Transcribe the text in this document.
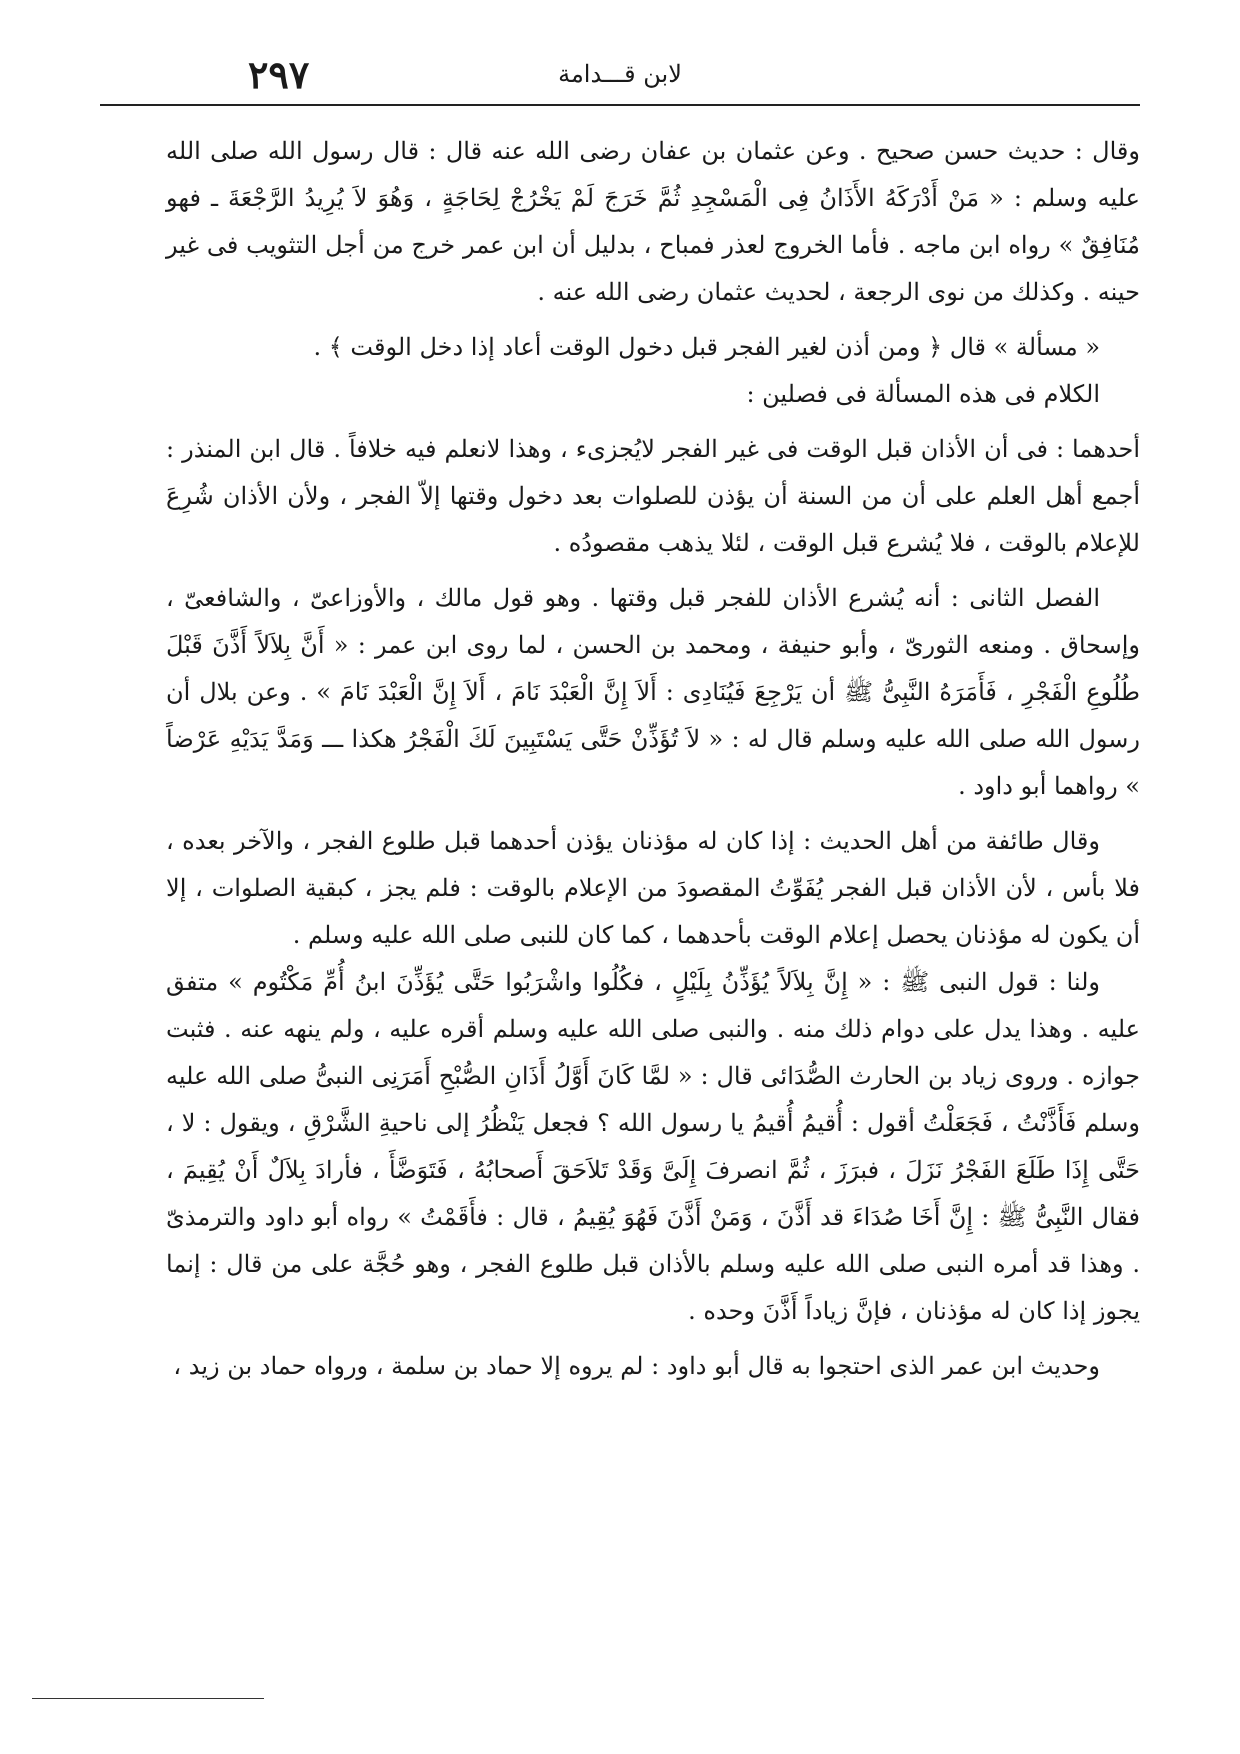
٢٩٧	لابن قـــدامة

وقال : حديث حسن صحيح . وعن عثمان بن عفان رضى الله عنه قال : قال رسول الله صلى الله عليه وسلم : « مَنْ أَدْرَكَهُ الأَذَانُ فِى الْمَسْجِدِ ثُمَّ خَرَجَ لَمْ يَخْرُجْ لِحَاجَةٍ ، وَهُوَ لاَ يُرِيدُ الرَّجْعَةَ ـ فهو مُنَافِقٌ » رواه ابن ماجه . فأما الخروج لعذر فمباح ، بدليل أن ابن عمر خرج من أجل التثويب فى غير حينه . وكذلك من نوى الرجعة ، لحديث عثمان رضى الله عنه .

« مسألة » قال ﴿ ومن أذن لغير الفجر قبل دخول الوقت أعاد إذا دخل الوقت ﴾ .

الكلام فى هذه المسألة فى فصلين :

أحدهما : فى أن الأذان قبل الوقت فى غير الفجر لايُجزىء ، وهذا لانعلم فيه خلافاً . قال ابن المنذر : أجمع أهل العلم على أن من السنة أن يؤذن للصلوات بعد دخول وقتها إلاّ الفجر ، ولأن الأذان شُرِعَ للإعلام بالوقت ، فلا يُشرع قبل الوقت ، لئلا يذهب مقصودُه .

الفصل الثانى : أنه يُشرع الأذان للفجر قبل وقتها . وهو قول مالك ، والأوزاعىّ ، والشافعىّ ، وإسحاق . ومنعه الثورىّ ، وأبو حنيفة ، ومحمد بن الحسن ، لما روى ابن عمر : « أَنَّ بِلاَلاً أَذَّنَ قَبْلَ طُلُوعِ الْفَجْرِ ، فَأَمَرَهُ النَّبِىُّ ﷺ أن يَرْجِعَ فَيُنَادِى : أَلاَ إِنَّ الْعَبْدَ نَامَ ، أَلاَ إِنَّ الْعَبْدَ نَامَ » . وعن بلال أن رسول الله صلى الله عليه وسلم قال له : « لاَ تُؤَذِّنْ حَتَّى يَسْتَبِينَ لَكَ الْفَجْرُ هكذا ـــ وَمَدَّ يَدَيْهِ عَرْضاً » رواهما أبو داود .

وقال طائفة من أهل الحديث : إذا كان له مؤذنان يؤذن أحدهما قبل طلوع الفجر ، والآخر بعده ، فلا بأس ، لأن الأذان قبل الفجر يُفَوِّتُ المقصودَ من الإعلام بالوقت : فلم يجز ، كبقية الصلوات ، إلا أن يكون له مؤذنان يحصل إعلام الوقت بأحدهما ، كما كان للنبى صلى الله عليه وسلم .

ولنا : قول النبى ﷺ : « إِنَّ بِلاَلاً يُؤَذِّنُ بِلَيْلٍ ، فكُلُوا واشْرَبُوا حَتَّى يُؤَذِّنَ ابنُ أُمِّ مَكْتُوم » متفق عليه . وهذا يدل على دوام ذلك منه . والنبى صلى الله عليه وسلم أقره عليه ، ولم ينهه عنه . فثبت جوازه . وروى زياد بن الحارث الصُّدَائى قال : « لمَّا كَانَ أَوَّلُ أَذَانِ الصُّبْحِ أَمَرَنِى النبىُّ صلى الله عليه وسلم فَأَذَّنْتُ ، فَجَعَلْتُ أقول : أُقيمُ أُقيمُ يا رسول الله ؟ فجعل يَنْظُرُ إلى ناحيةِ الشَّرْقِ ، ويقول : لا ، حَتَّى إِذَا طَلَعَ الفَجْرُ نَزَلَ ، فبرَزَ ، ثُمَّ انصرفَ إِلَىَّ وَقَدْ تَلاَحَقَ أَصحابُهُ ، فَتَوَضَّأَ ، فأرادَ بِلاَلٌ أَنْ يُقِيمَ ، فقال النَّبِىُّ ﷺ : إِنَّ أَخَا صُدَاءَ قد أَذَّنَ ، وَمَنْ أَذَّنَ فَهُوَ يُقِيمُ ، قال : فأَقَمْتُ » رواه أبو داود والترمذىّ . وهذا قد أمره النبى صلى الله عليه وسلم بالأذان قبل طلوع الفجر ، وهو حُجَّة على من قال : إنما يجوز إذا كان له مؤذنان ، فإنَّ زياداً أَذَّنَ وحده .

وحديث ابن عمر الذى احتجوا به قال أبو داود : لم يروه إلا حماد بن سلمة ، ورواه حماد بن زيد ،
